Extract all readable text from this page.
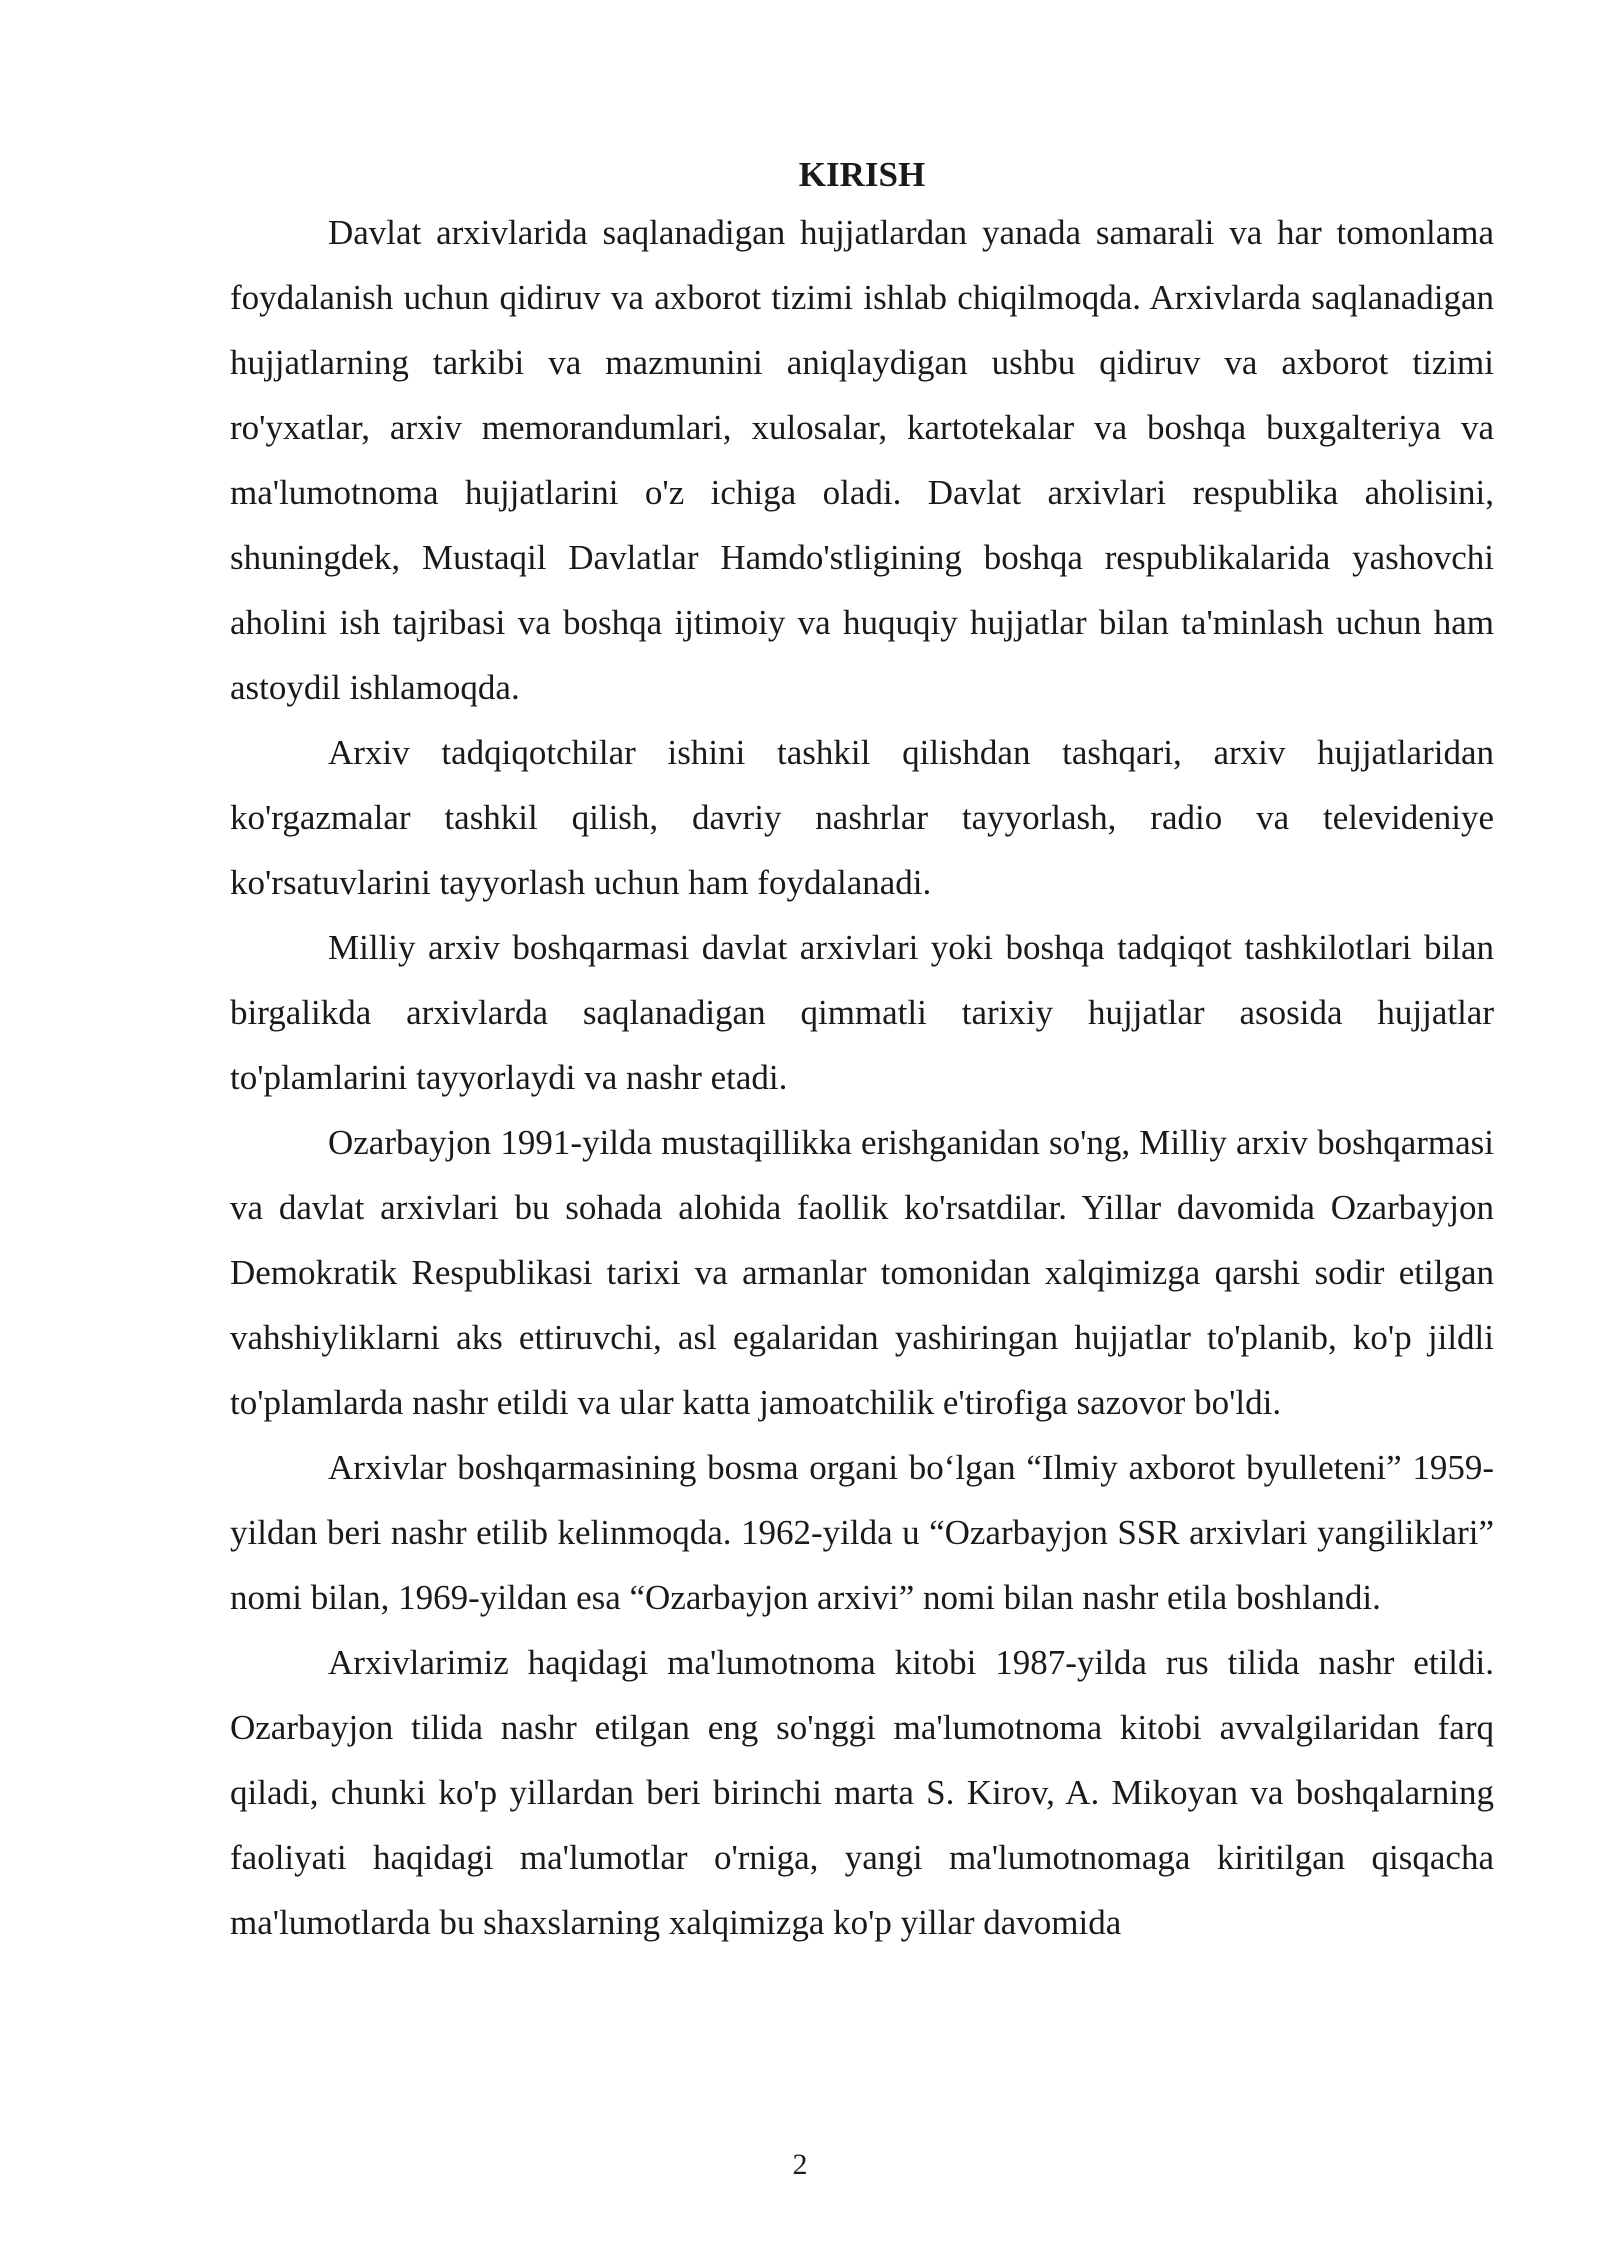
KIRISH

Davlat arxivlarida saqlanadigan hujjatlardan yanada samarali va har tomonlama foydalanish uchun qidiruv va axborot tizimi ishlab chiqilmoqda. Arxivlarda saqlanadigan hujjatlarning tarkibi va mazmunini aniqlaydigan ushbu qidiruv va axborot tizimi ro'yxatlar, arxiv memorandumlari, xulosalar, kartotekalar va boshqa buxgalteriya va ma'lumotnoma hujjatlarini o'z ichiga oladi. Davlat arxivlari respublika aholisini, shuningdek, Mustaqil Davlatlar Hamdo'stligining boshqa respublikalarida yashovchi aholini ish tajribasi va boshqa ijtimoiy va huquqiy hujjatlar bilan ta'minlash uchun ham astoydil ishlamoqda.

Arxiv tadqiqotchilar ishini tashkil qilishdan tashqari, arxiv hujjatlaridan ko'rgazmalar tashkil qilish, davriy nashrlar tayyorlash, radio va televideniye ko'rsatuvlarini tayyorlash uchun ham foydalanadi.

Milliy arxiv boshqarmasi davlat arxivlari yoki boshqa tadqiqot tashkilotlari bilan birgalikda arxivlarda saqlanadigan qimmatli tarixiy hujjatlar asosida hujjatlar to'plamlarini tayyorlaydi va nashr etadi.

Ozarbayjon 1991-yilda mustaqillikka erishganidan so'ng, Milliy arxiv boshqarmasi va davlat arxivlari bu sohada alohida faollik ko'rsatdilar. Yillar davomida Ozarbayjon Demokratik Respublikasi tarixi va armanlar tomonidan xalqimizga qarshi sodir etilgan vahshiyliklarni aks ettiruvchi, asl egalaridan yashiringan hujjatlar to'planib, ko'p jildli to'plamlarda nashr etildi va ular katta jamoatchilik e'tirofiga sazovor bo'ldi.

Arxivlar boshqarmasining bosma organi bo‘lgan “Ilmiy axborot byulleteni” 1959-yildan beri nashr etilib kelinmoqda. 1962-yilda u “Ozarbayjon SSR arxivlari yangiliklari” nomi bilan, 1969-yildan esa “Ozarbayjon arxivi” nomi bilan nashr etila boshlandi.

Arxivlarimiz haqidagi ma'lumotnoma kitobi 1987-yilda rus tilida nashr etildi. Ozarbayjon tilida nashr etilgan eng so'nggi ma'lumotnoma kitobi avvalgilaridan farq qiladi, chunki ko'p yillardan beri birinchi marta S. Kirov, A. Mikoyan va boshqalarning faoliyati haqidagi ma'lumotlar o'rniga, yangi ma'lumotnomaga kiritilgan qisqacha ma'lumotlarda bu shaxslarning xalqimizga ko'p yillar davomida

2
